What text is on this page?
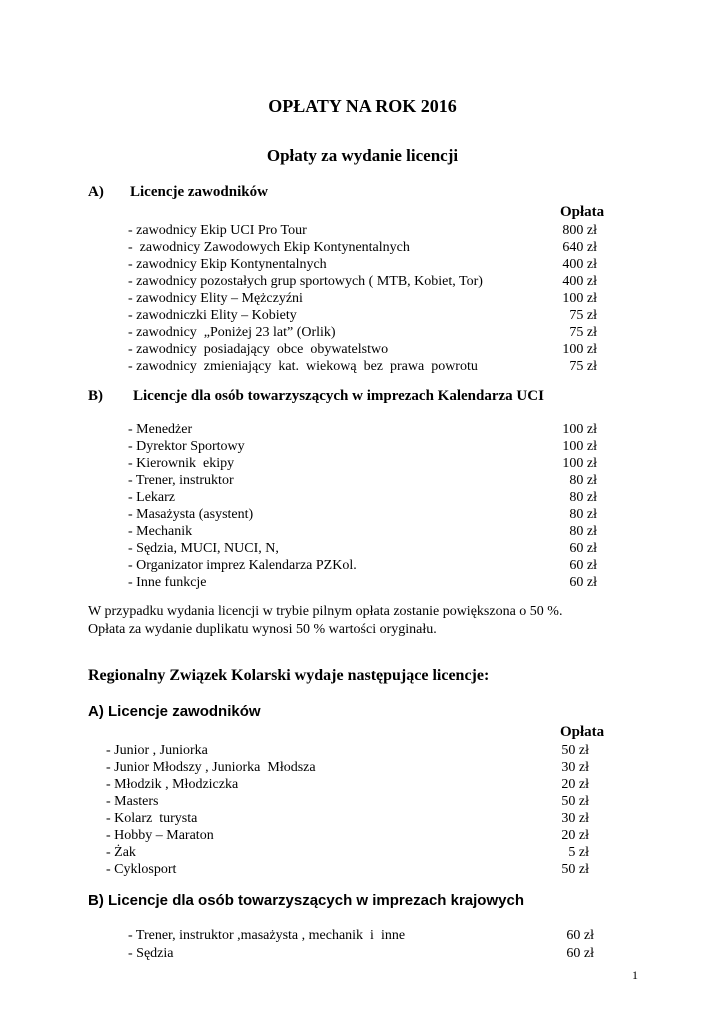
OPŁATY NA ROK 2016
Opłaty za wydanie licencji
A) Licencje zawodników
Opłata
- zawodnicy Ekip UCI Pro Tour	800 zł
-  zawodnicy Zawodowych Ekip Kontynentalnych	640 zł
- zawodnicy Ekip Kontynentalnych	400 zł
- zawodnicy pozostałych grup sportowych ( MTB, Kobiet, Tor)	400 zł
- zawodnicy Elity – Mężczyźni	100 zł
- zawodniczki Elity – Kobiety	75 zł
- zawodnicy  „Poniżej 23 lat” (Orlik)	75 zł
- zawodnicy  posiadający  obce  obywatelstwo	100 zł
- zawodnicy  zmieniający  kat.  wiekową  bez  prawa  powrotu	75 zł
B) Licencje dla osób towarzyszących w imprezach Kalendarza UCI
- Menedżer	100 zł
- Dyrektor Sportowy	100 zł
- Kierownik  ekipy	100 zł
- Trener, instruktor	80 zł
- Lekarz	80 zł
- Masażysta (asystent)	80 zł
- Mechanik	80 zł
- Sędzia, MUCI, NUCI, N,	60 zł
- Organizator imprez Kalendarza PZKol.	60 zł
- Inne funkcje	60 zł
W przypadku wydania licencji w trybie pilnym opłata zostanie powiększona o 50 %.
Opłata za wydanie duplikatu wynosi 50 % wartości oryginału.
Regionalny Związek Kolarski wydaje następujące licencje:
A) Licencje zawodników
Opłata
- Junior , Juniorka	50 zł
- Junior Młodszy , Juniorka  Młodsza	30 zł
- Młodzik , Młodziczka	20 zł
- Masters	50 zł
- Kolarz  turysta	30 zł
- Hobby – Maraton	20 zł
- Żak	5 zł
- Cyklosport	50 zł
B) Licencje dla osób towarzyszących w imprezach krajowych
- Trener, instruktor ,masażysta , mechanik  i  inne	60 zł
- Sędzia	60 zł
1
